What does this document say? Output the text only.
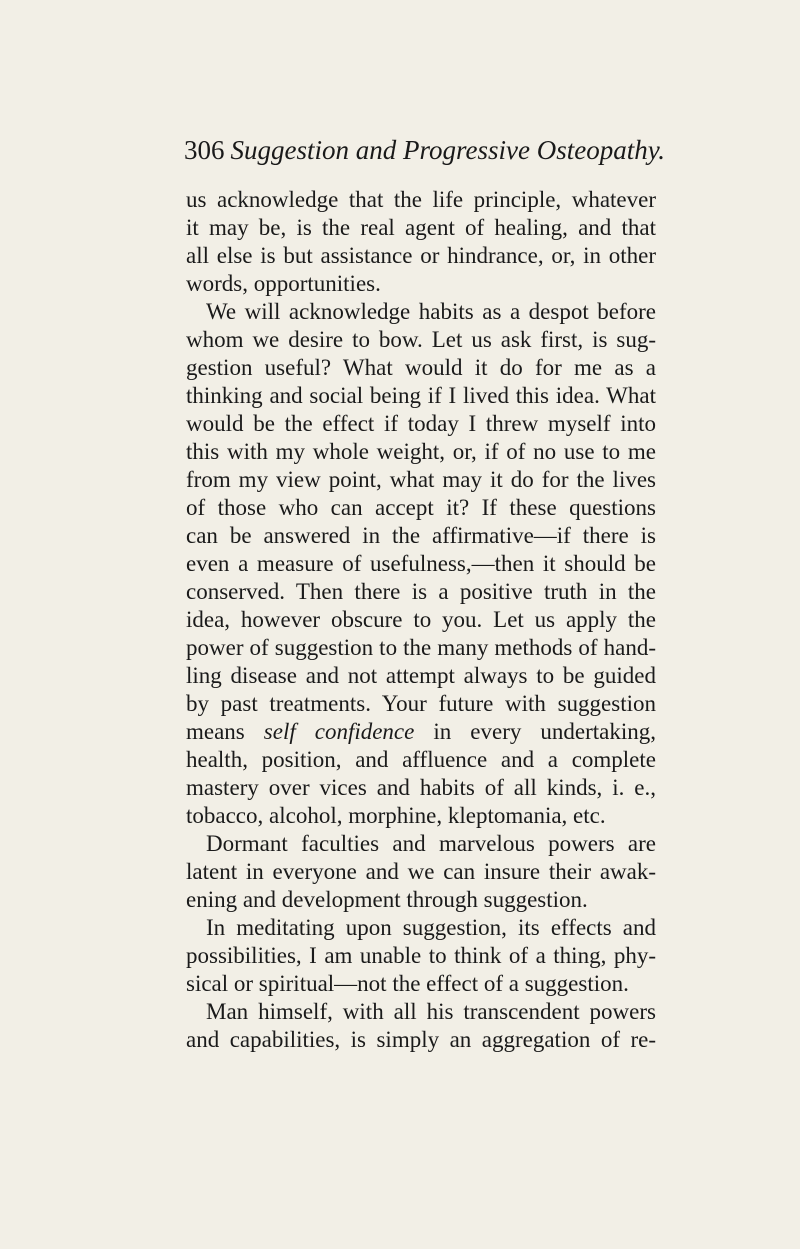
306 Suggestion and Progressive Osteopathy.
us acknowledge that the life principle, whatever
it may be, is the real agent of healing, and that
all else is but assistance or hindrance, or, in other
words, opportunities.
We will acknowledge habits as a despot before
whom we desire to bow. Let us ask first, is sug-
gestion useful? What would it do for me as a
thinking and social being if I lived this idea. What
would be the effect if today I threw myself into
this with my whole weight, or, if of no use to me
from my view point, what may it do for the lives
of those who can accept it? If these questions
can be answered in the affirmative—if there is
even a measure of usefulness,—then it should be
conserved. Then there is a positive truth in the
idea, however obscure to you. Let us apply the
power of suggestion to the many methods of hand-
ling disease and not attempt always to be guided
by past treatments. Your future with suggestion
means self confidence in every undertaking,
health, position, and affluence and a complete
mastery over vices and habits of all kinds, i. e.,
tobacco, alcohol, morphine, kleptomania, etc.
Dormant faculties and marvelous powers are
latent in everyone and we can insure their awak-
ening and development through suggestion.
In meditating upon suggestion, its effects and
possibilities, I am unable to think of a thing, phy-
sical or spiritual—not the effect of a suggestion.
Man himself, with all his transcendent powers
and capabilities, is simply an aggregation of re-
